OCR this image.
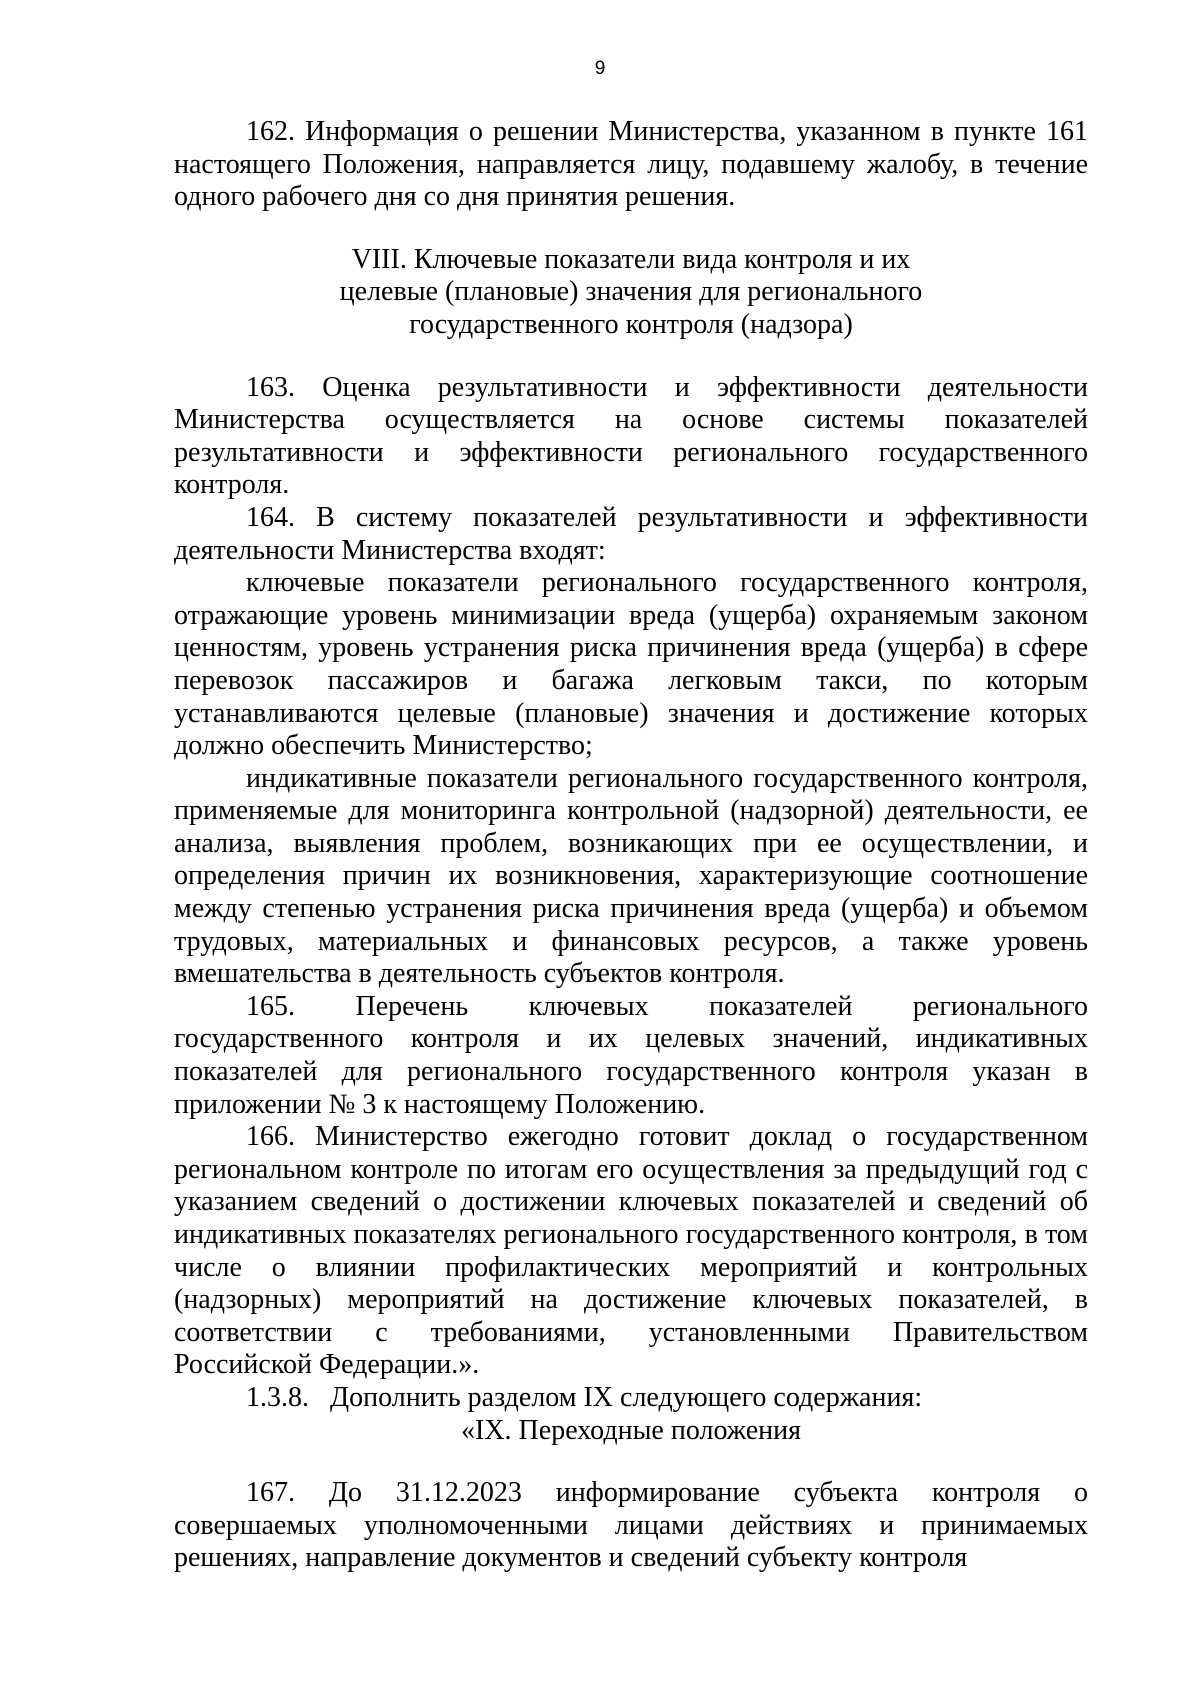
9

162. Информация о решении Министерства, указанном в пункте 161 настоящего Положения, направляется лицу, подавшему жалобу, в течение одного рабочего дня со дня принятия решения.

VIII. Ключевые показатели вида контроля и их
целевые (плановые) значения для регионального
государственного контроля (надзора)

163. Оценка результативности и эффективности деятельности Министерства осуществляется на основе системы показателей результативности и эффективности регионального государственного контроля.

164. В систему показателей результативности и эффективности деятельности Министерства входят:

ключевые показатели регионального государственного контроля, отражающие уровень минимизации вреда (ущерба) охраняемым законом ценностям, уровень устранения риска причинения вреда (ущерба) в сфере перевозок пассажиров и багажа легковым такси, по которым устанавливаются целевые (плановые) значения и достижение которых должно обеспечить Министерство;

индикативные показатели регионального государственного контроля, применяемые для мониторинга контрольной (надзорной) деятельности, ее анализа, выявления проблем, возникающих при ее осуществлении, и определения причин их возникновения, характеризующие соотношение между степенью устранения риска причинения вреда (ущерба) и объемом трудовых, материальных и финансовых ресурсов, а также уровень вмешательства в деятельность субъектов контроля.

165. Перечень ключевых показателей регионального государственного контроля и их целевых значений, индикативных показателей для регионального государственного контроля указан в приложении № 3 к настоящему Положению.

166. Министерство ежегодно готовит доклад о государственном региональном контроле по итогам его осуществления за предыдущий год с указанием сведений о достижении ключевых показателей и сведений об индикативных показателях регионального государственного контроля, в том числе о влиянии профилактических мероприятий и контрольных (надзорных) мероприятий на достижение ключевых показателей, в соответствии с требованиями, установленными Правительством Российской Федерации.».

1.3.8.   Дополнить разделом IX следующего содержания:

«IX. Переходные положения

167. До 31.12.2023 информирование субъекта контроля о совершаемых уполномоченными лицами действиях и принимаемых решениях, направление документов и сведений субъекту контроля
